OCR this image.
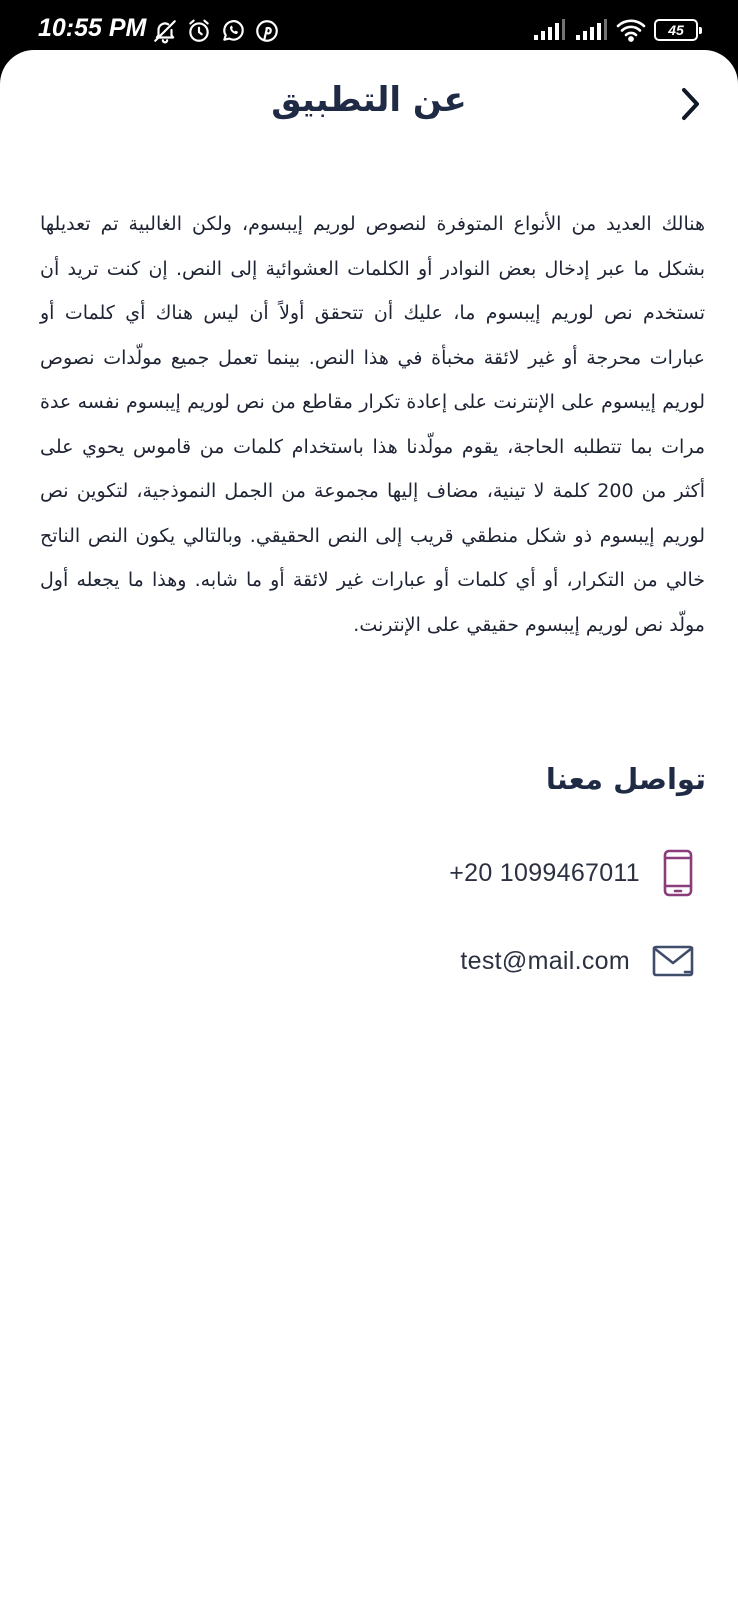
10:55 PM	45
عن التطبيق
هنالك العديد من الأنواع المتوفرة لنصوص لوريم إيبسوم، ولكن الغالبية تم تعديلها بشكل ما عبر إدخال بعض النوادر أو الكلمات العشوائية إلى النص. إن كنت تريد أن تستخدم نص لوريم إيبسوم ما، عليك أن تتحقق أولاً أن ليس هناك أي كلمات أو عبارات محرجة أو غير لائقة مخبأة في هذا النص. بينما تعمل جميع مولّدات نصوص لوريم إيبسوم على الإنترنت على إعادة تكرار مقاطع من نص لوريم إيبسوم نفسه عدة مرات بما تتطلبه الحاجة، يقوم مولّدنا هذا باستخدام كلمات من قاموس يحوي على أكثر من 200 كلمة لا تينية، مضاف إليها مجموعة من الجمل النموذجية، لتكوين نص لوريم إيبسوم ذو شكل منطقي قريب إلى النص الحقيقي. وبالتالي يكون النص الناتح خالي من التكرار، أو أي كلمات أو عبارات غير لائقة أو ما شابه. وهذا ما يجعله أول مولّد نص لوريم إيبسوم حقيقي على الإنترنت.
تواصل معنا
+20 1099467011
test@mail.com
